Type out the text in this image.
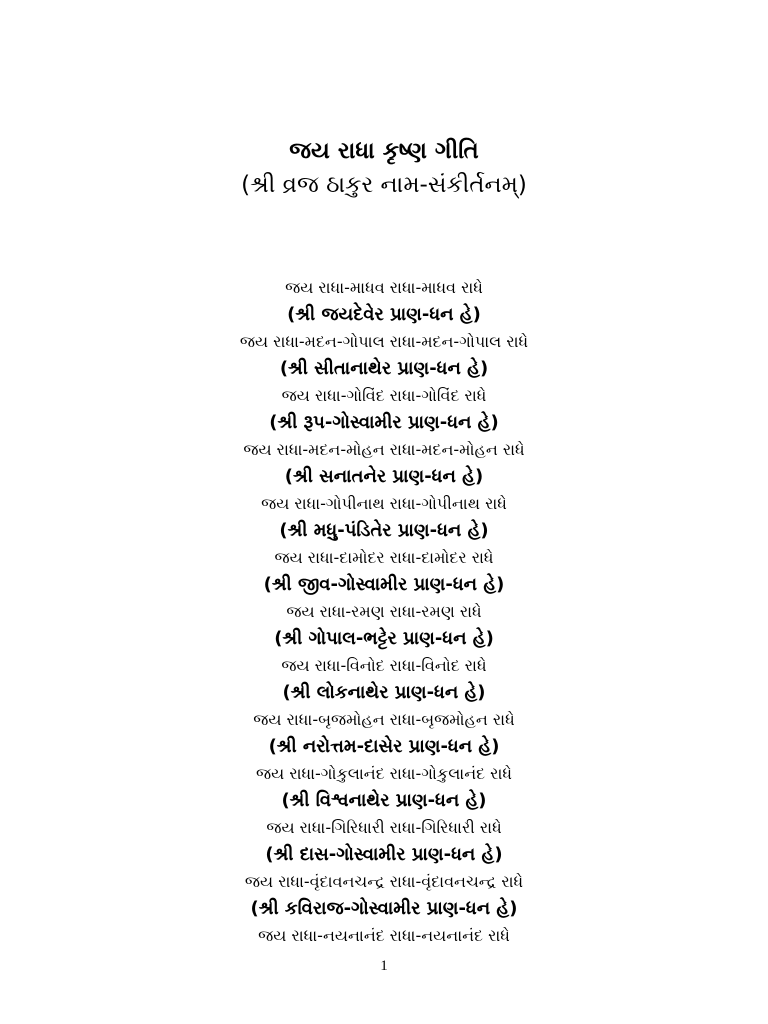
જય રાધા કૃષ્ણ ગીતિ
(શ્રી વ્રજ ઠાકુર નામ-સંકીર્તનમ્)
જય રાધા-માધવ રાધા-માધવ રાધે
(શ્રી જયદેવેર પ્રાણ-ધન હે)
જય રાધા-મદન-ગોપાલ રાધા-મદન-ગોપાલ રાધે
(શ્રી સીતાનાથેર પ્રાણ-ધન હે)
જય રાધા-ગોવિંદ રાધા-ગોવિંદ રાધે
(શ્રી રૂપ-ગોસ્વામીર પ્રાણ-ધન હે)
જય રાધા-મદન-મોહન રાધા-મદન-મોહન રાધે
(શ્રી સનાતનેર પ્રાણ-ધન હે)
જય રાધા-ગોપીનાથ રાધા-ગોપીનાથ રાધે
(શ્રી મધુ-પંડિતેર પ્રાણ-ધન હે)
જય રાધા-દામોદર રાધા-દામોદર રાધે
(શ્રી જીવ-ગોસ્વામીર પ્રાણ-ધન હે)
જય રાધા-રમણ રાધા-રમણ રાધે
(શ્રી ગોપાલ-ભટ્ટેર પ્રાણ-ધન હે)
જય રાધા-વિનોદ રાધા-વિનોદ રાધે
(શ્રી લોકનાથેર પ્રાણ-ધન હે)
જય રાધા-બૃજમોહન રાધા-બૃજમોહન રાધે
(શ્રી નરોત્તમ-દાસેર પ્રાણ-ધન હે)
જય રાધા-ગોકુલાનંદ રાધા-ગોકુલાનંદ રાધે
(શ્રી વિશ્વનાથેર પ્રાણ-ધન હે)
જય રાધા-ગિરિધારી રાધા-ગિરિધારી રાધે
(શ્રી દાસ-ગોસ્વામીર પ્રાણ-ધન હે)
જય રાધા-વૃંદાવનચન્દ્ર રાધા-વૃંદાવનચન્દ્ર રાધે
(શ્રી કવિરાજ-ગોસ્વામીર પ્રાણ-ધન હે)
જય રાધા-નયનાનંદ રાધા-નયનાનંદ રાધે
1
